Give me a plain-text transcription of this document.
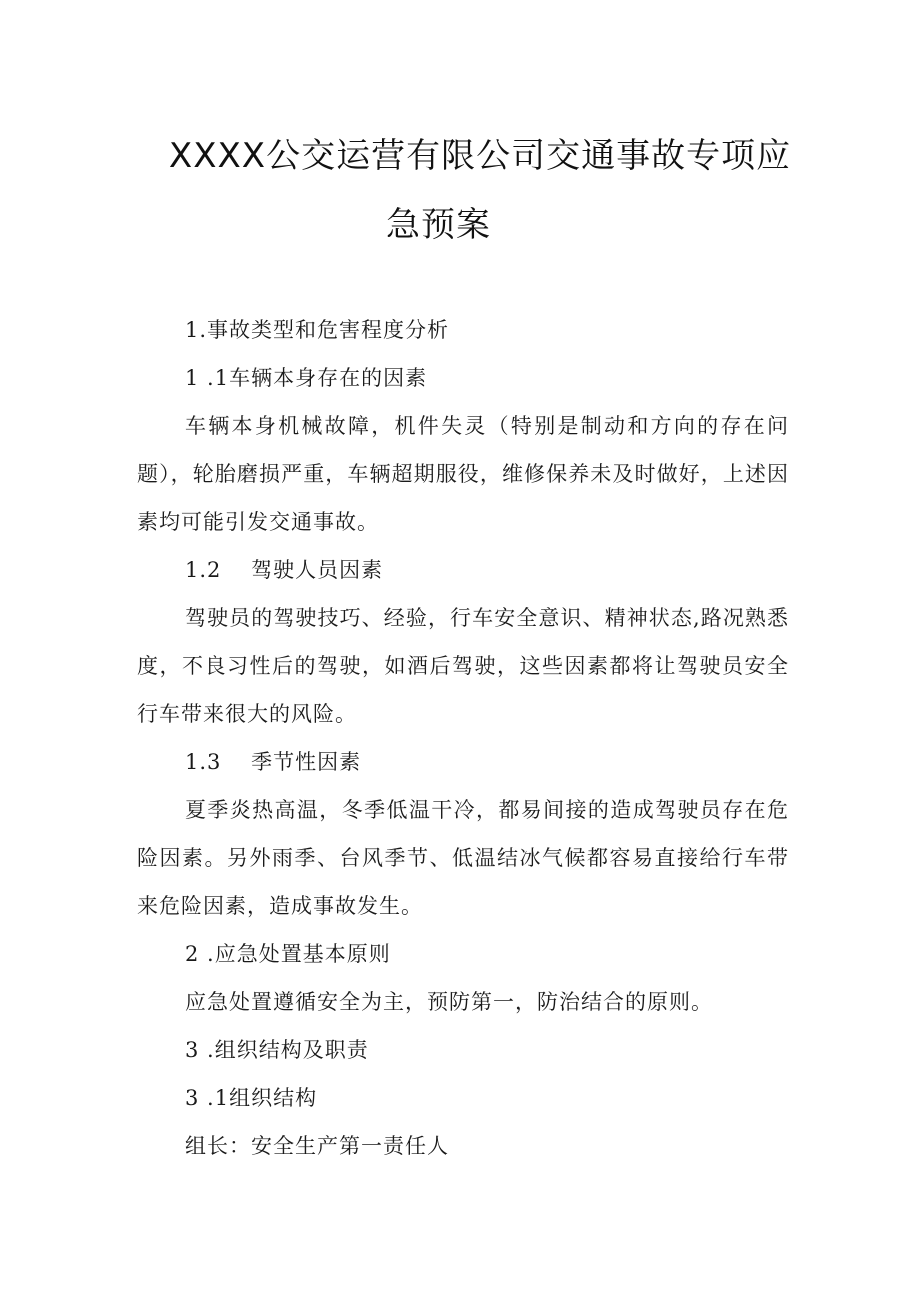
XXXX公交运营有限公司交通事故专项应
急预案

1.事故类型和危害程度分析

1 .1车辆本身存在的因素

车辆本身机械故障，机件失灵（特别是制动和方向的存在问题），轮胎磨损严重，车辆超期服役，维修保养未及时做好，上述因素均可能引发交通事故。

1.2　 驾驶人员因素

驾驶员的驾驶技巧、经验，行车安全意识、精神状态,路况熟悉度，不良习性后的驾驶，如酒后驾驶，这些因素都将让驾驶员安全行车带来很大的风险。

1.3　 季节性因素

夏季炎热高温，冬季低温干冷，都易间接的造成驾驶员存在危险因素。另外雨季、台风季节、低温结冰气候都容易直接给行车带来危险因素，造成事故发生。

2 .应急处置基本原则

应急处置遵循安全为主，预防第一，防治结合的原则。

3 .组织结构及职责

3 .1组织结构

组长：安全生产第一责任人
